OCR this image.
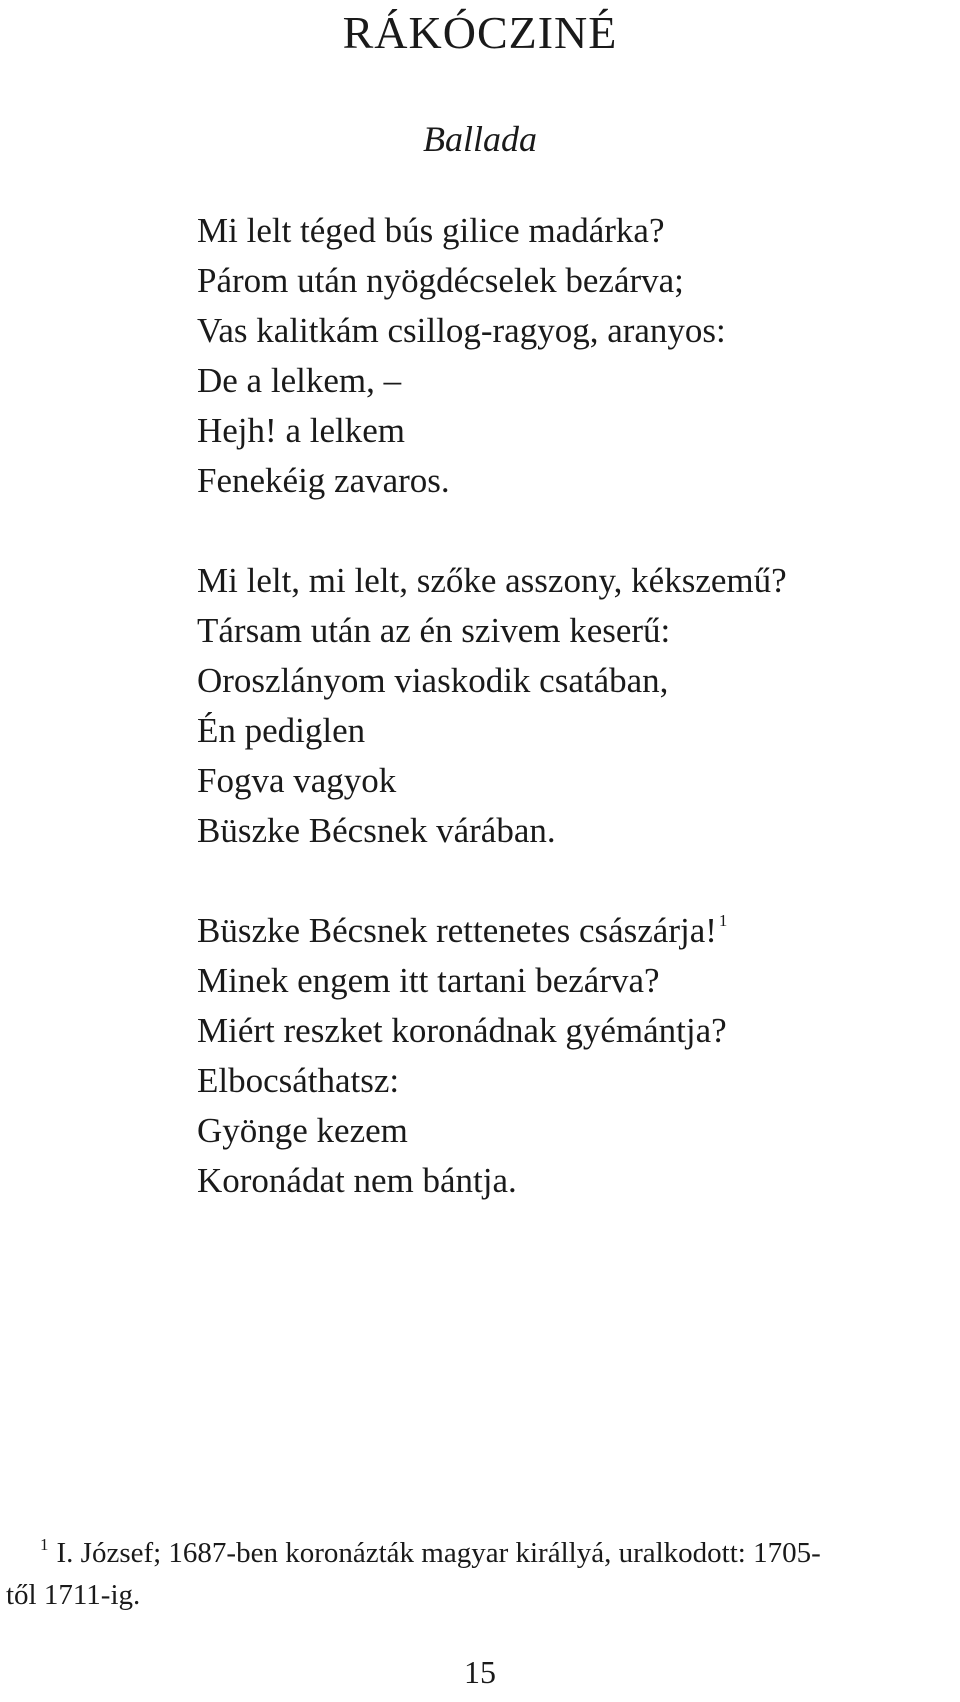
RÁKÓCZINÉ
Ballada
Mi lelt téged bús gilice madárka?
Párom után nyögdécselek bezárva;
Vas kalitkám csillog-ragyog, aranyos:
De a lelkem, –
Hejh! a lelkem
Fenekéig zavaros.
Mi lelt, mi lelt, szőke asszony, kékszemű?
Társam után az én szivem keserű:
Oroszlányom viaskodik csatában,
Én pediglen
Fogva vagyok
Büszke Bécsnek várában.
Büszke Bécsnek rettenetes császárja! $^1$
Minek engem itt tartani bezárva?
Miért reszket koronádnak gyémántja?
Elbocsáthatsz:
Gyönge kezem
Koronádat nem bántja.
$^1$ I. József; 1687-ben koronázták magyar királlyá, uralkodott: 1705-
től 1711-ig.
15
